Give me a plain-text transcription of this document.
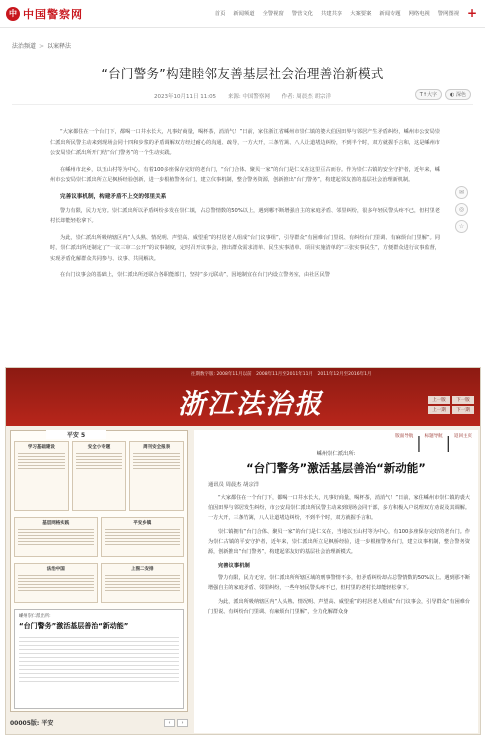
中 中国警察网	首页 新闻频道 全警视窗 警营文化 共建共享 大案要案 新闻专题 网络电视 警网图视 +
法治频道 > 以案释法
“台门警务”构建睦邻友善基层社会治理善治新模式
2023年10月11日 11:05 来源: 中国警察网 作者: 周晨杰 胡宗洋	T↑大字	◐ 深色

“大家都住在一个台门下，都喝一口井水长大，凡事好商量，喝杯茶，消消气！”日前，家住浙江省嵊州市崇仁镇的婆大伯因田界与邻居产生矛盾纠纷，嵊州市公安局崇仁派出所民警主动来到现场会同十四和步浆的矛盾调解双方经过耐心的沟通、疏导，一方大开，三条竹篱、八人让道堵边纠纷，不到半个时，双方就握手言和，这是嵊州市公安局崇仁派出所开门结“台门警务”的一个生动实践。

在嵊州市北乡，以玉山村等为中心，有着100多座保存完好的老台门，“台门合体、聚贝一家”的台门是仁义在这里亘古而存。作为崇仁古镇的安全守护者，近年来，嵊州市公安局崇仁派出所立足枫桥经验创新，进一步根植警务台门，建立仪事机制，整合警务资源，创新推出“台门警务”，构建起邻友善的基层社会治理新机制。

完善议事机制，构建矛盾不上交的邻里关系

警力有限，民力无穷。崇仁派出所以矛盾纠纷多发在崇仁镇，占总警情数的50%以上，遇到哪不断增强自主的家庭矛盾、邻里纠纷，很多年轻民警头疼不已，但村里老村长却能轻松拿下。

为此，崇仁派出所吸纳辖区内“人头熟、情况明、声望高、威望重”的村居老人组成“台门议事组”，引导群众“有困难台门里说、有纠纷台门里调、有麻烦台门里解”。同时，崇仁派出所还制定了“一议三审二公开”的议事制度，定时召开议事会，推出群众需求清单、民生实事清单、项目实施清单的“三张实事民生”，方便群众进行议事监督，实现矛盾化解群众共同参与、议事、共同解决。

在台门议事会的基础上，崇仁派出所还联合各职能部门，坚持“多元联动”，因地制宜在台门内设立警务室，由社区民警

✉
◎
☆
往期数字版: 2008年11月以前　2008年11月至2011年11月　2011年12月至2016年1月
浙江法治报	上一版	下一版
上一期	下一期
学习基础建设	安全小专题	周刊安全报表
基层网格实践	平安乡镇
法治中国	上图二安排
嵊州崇仁派出所:
“台门警务”激活基层善治“新动能”
平安 5
00005版: 平安	‹	›
版面导航 | 标题导航 | 返回主页
嵊州崇仁派出所:
“台门警务”激活基层善治“新动能”
通讯员 周晨杰 胡宗洋

“大家都住在一个台门下，都喝一口井水长大，凡事好商量，喝杯茶，消消气！”日前，家住嵊州市崇仁镇的裘大伯因田界与邻居发生纠纷，市公安局崇仁派出所民警主动来到现场会同干部，多方积极入户说理双方劝说及其调解。一方大开，三条竹篱，八人让道堵边纠纷，不到半个时，双方就握手言和。

崇仁镇拥有“台门合体、聚贝一家”的台门是仁义在，当地以玉山村等为中心，有100多座保存完好的老台门。作为崇仁古镇的平安守护者，近年来，崇仁派出所立足枫桥经验，进一步根植警务台门，建立议事机制，整合警务资源，创新推出“台门警务”，构建起邻友好的基层社会治理新模式。

完善议事机制

警力有限，民力无穷。崇仁派出所所辖区域的刑事警情不多，但矛盾纠纷却占总警情数的50%以上。遇到那不断增强自主的家庭矛盾、邻里纠纷，一些年轻民警头疼不已，但村里的老村长却能轻松拿下。

为此，派出所吸纳辖区内“人头熟、情况明、声望高、威望重”的村居老人组成“台门议事会，引导群众“有困难台门里说、有纠纷台门里调、有麻烦台门里解”，全力化解群众身
